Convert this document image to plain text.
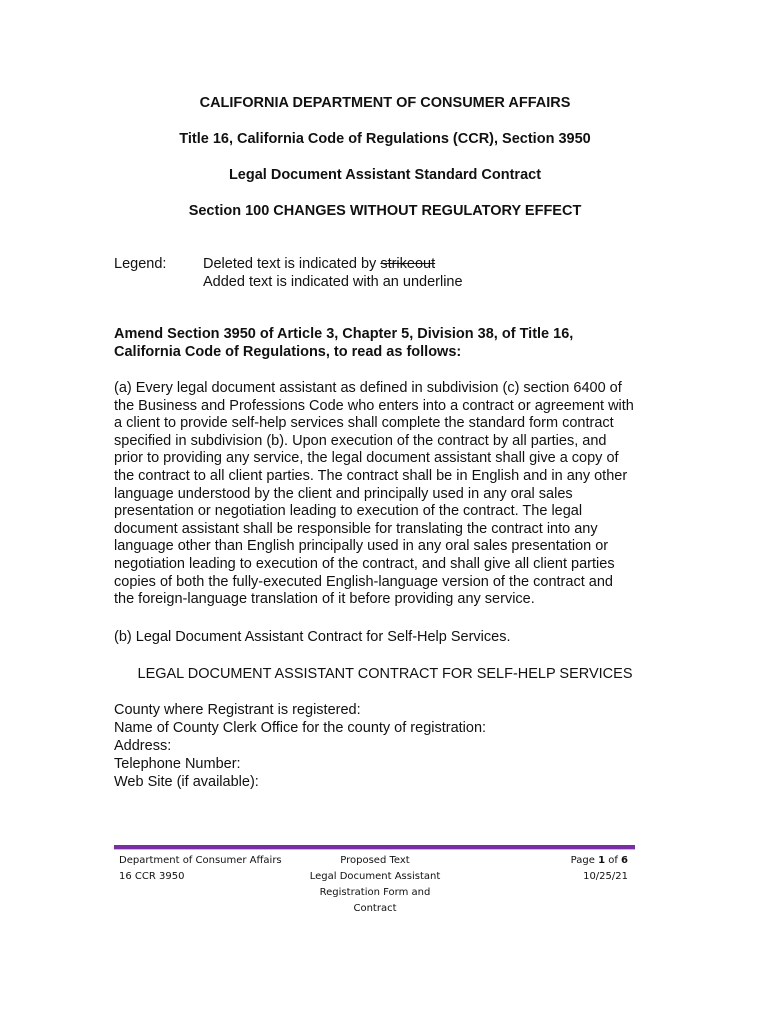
CALIFORNIA DEPARTMENT OF CONSUMER AFFAIRS
Title 16, California Code of Regulations (CCR), Section 3950
Legal Document Assistant Standard Contract
Section 100 CHANGES WITHOUT REGULATORY EFFECT
Legend:	Deleted text is indicated by strikeout
Added text is indicated with an underline
Amend Section 3950 of Article 3, Chapter 5, Division 38, of Title 16,
California Code of Regulations, to read as follows:
(a) Every legal document assistant as defined in subdivision (c) section 6400 of
the Business and Professions Code who enters into a contract or agreement with
a client to provide self-help services shall complete the standard form contract
specified in subdivision (b). Upon execution of the contract by all parties, and
prior to providing any service, the legal document assistant shall give a copy of
the contract to all client parties. The contract shall be in English and in any other
language understood by the client and principally used in any oral sales
presentation or negotiation leading to execution of the contract. The legal
document assistant shall be responsible for translating the contract into any
language other than English principally used in any oral sales presentation or
negotiation leading to execution of the contract, and shall give all client parties
copies of both the fully-executed English-language version of the contract and
the foreign-language translation of it before providing any service.
(b) Legal Document Assistant Contract for Self-Help Services.
LEGAL DOCUMENT ASSISTANT CONTRACT FOR SELF-HELP SERVICES
County where Registrant is registered:
Name of County Clerk Office for the county of registration:
Address:
Telephone Number:
Web Site (if available):
Department of Consumer Affairs
16 CCR 3950
Proposed Text
Legal Document Assistant
Registration Form and
Contract
Page 1 of 6
10/25/21
